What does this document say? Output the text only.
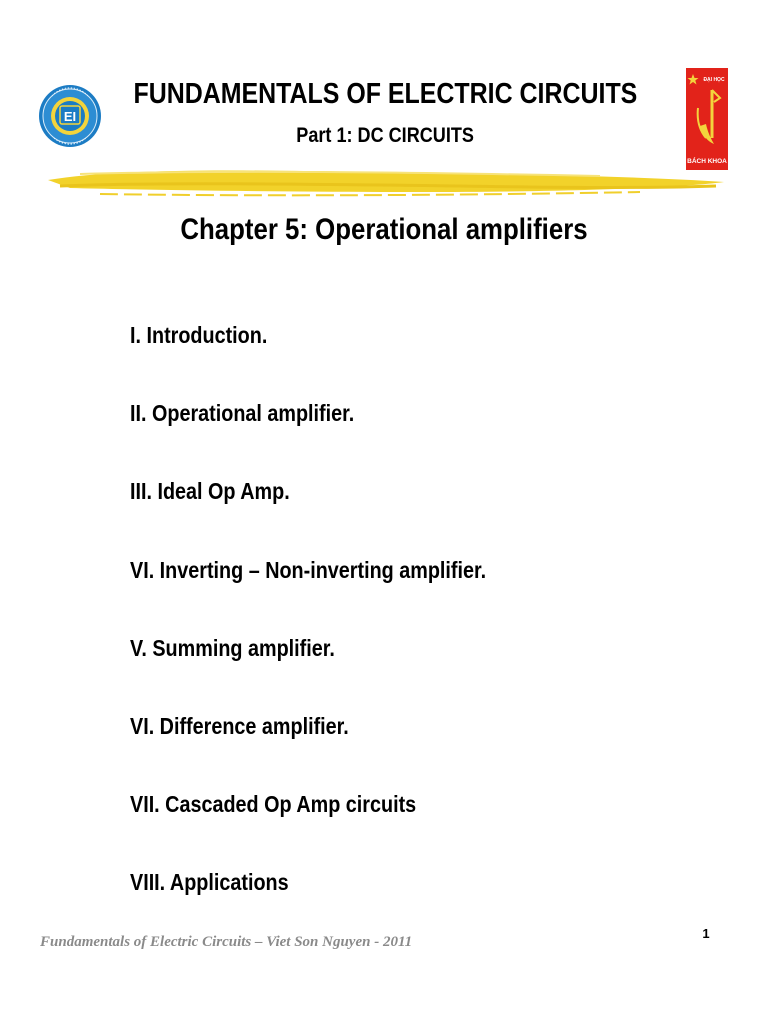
EI
ĐẠI HỌC
BÁCH KHOA
FUNDAMENTALS OF ELECTRIC CIRCUITS
Part 1: DC CIRCUITS
Chapter 5: Operational amplifiers
I. Introduction.
II. Operational amplifier.
III. Ideal Op Amp.
VI. Inverting – Non-inverting amplifier.
V. Summing amplifier.
VI. Difference amplifier.
VII. Cascaded Op Amp circuits
VIII. Applications
1
Fundamentals of Electric Circuits – Viet Son Nguyen - 2011
